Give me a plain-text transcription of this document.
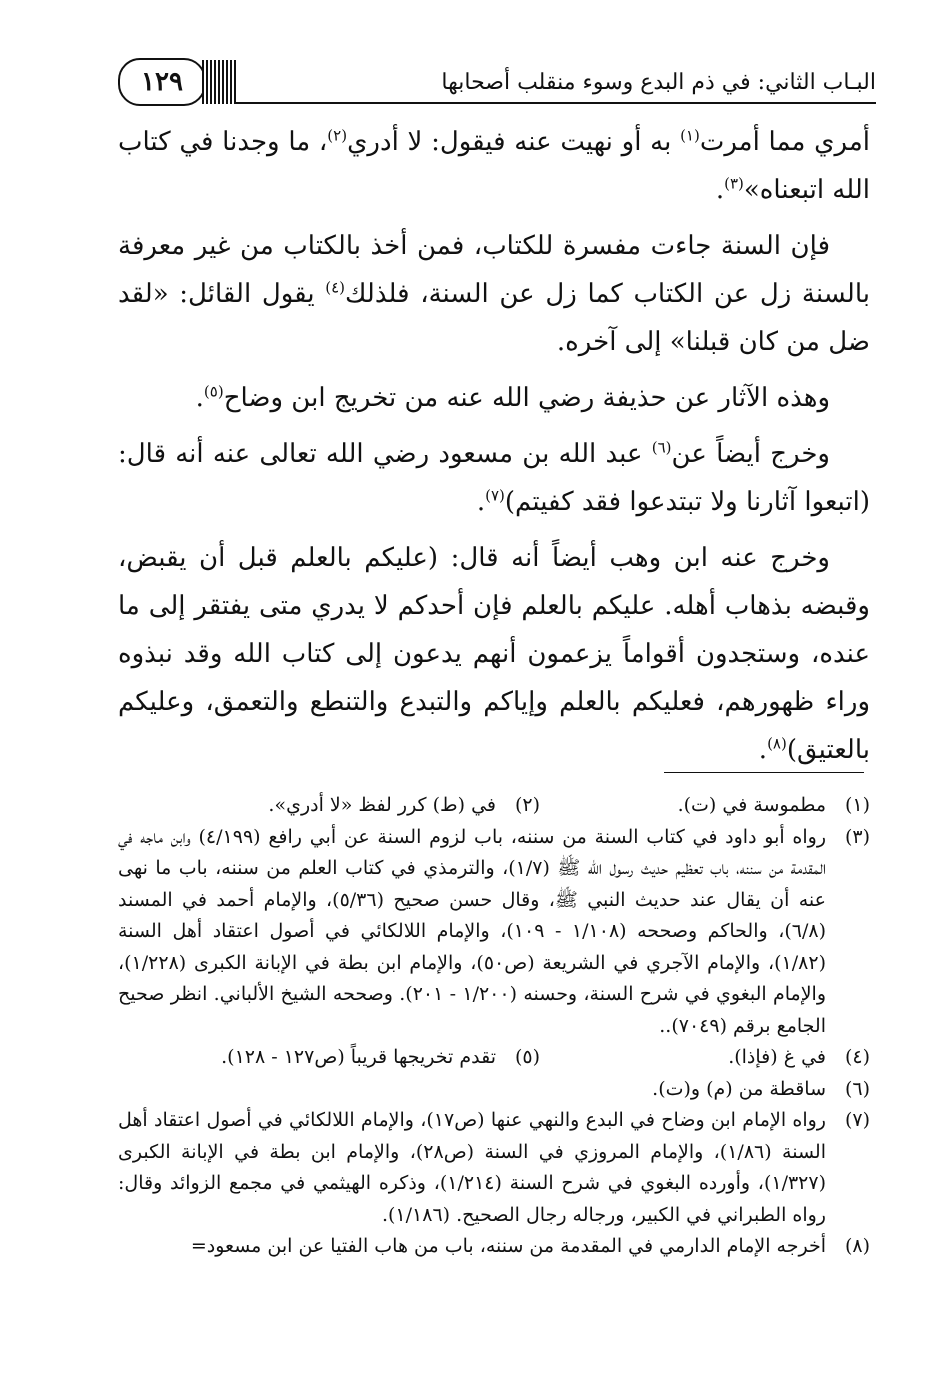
١٢٩	البـاب الثاني: في ذم البدع وسوء منقلب أصحابها

أمري مما أمرت$^{(١)}$ به أو نهيت عنه فيقول: لا أدري$^{(٢)}$، ما وجدنا في كتاب الله اتبعناه»$^{(٣)}$.

فإن السنة جاءت مفسرة للكتاب، فمن أخذ بالكتاب من غير معرفة بالسنة زل عن الكتاب كما زل عن السنة، فلذلك$^{(٤)}$ يقول القائل: «لقد ضل من كان قبلنا» إلى آخره.

وهذه الآثار عن حذيفة رضي الله عنه من تخريج ابن وضاح$^{(٥)}$.

وخرج أيضاً عن$^{(٦)}$ عبد الله بن مسعود رضي الله تعالى عنه أنه قال: (اتبعوا آثارنا ولا تبتدعوا فقد كفيتم)$^{(٧)}$.

وخرج عنه ابن وهب أيضاً أنه قال: (عليكم بالعلم قبل أن يقبض، وقبضه بذهاب أهله. عليكم بالعلم فإن أحدكم لا يدري متى يفتقر إلى ما عنده، وستجدون أقواماً يزعمون أنهم يدعون إلى كتاب الله وقد نبذوه وراء ظهورهم، فعليكم بالعلم وإياكم والتبدع والتنطع والتعمق، وعليكم بالعتيق)$^{(٨)}$.

(١)
مطموسة في (ت).
(٢)
في (ط) كرر لفظ «لا أدري».
(٣)
رواه أبو داود في كتاب السنة من سننه، باب لزوم السنة عن أبي رافع (٤/١٩٩) وابن ماجه في المقدمة من سننه، باب تعظيم حديث رسول الله ﷺ (١/٧)، والترمذي في كتاب العلم من سننه، باب ما نهى عنه أن يقال عند حديث النبي ﷺ، وقال حسن صحيح (٥/٣٦)، والإمام أحمد في المسند (٦/٨)، والحاكم وصححه (١/١٠٨ - ١٠٩)، والإمام اللالكائي في أصول اعتقاد أهل السنة (١/٨٢)، والإمام الآجري في الشريعة (ص٥٠)، والإمام ابن بطة في الإبانة الكبرى (١/٢٢٨)، والإمام البغوي في شرح السنة، وحسنه (١/٢٠٠ - ٢٠١). وصححه الشيخ الألباني. انظر صحيح الجامع برقم (٧٠٤٩)..
(٤)
في غ (فإذا).
(٥)
تقدم تخريجها قريباً (ص١٢٧ - ١٢٨).
(٦)
ساقطة من (م) و(ت).
(٧)
رواه الإمام ابن وضاح في البدع والنهي عنها (ص١٧)، والإمام اللالكائي في أصول اعتقاد أهل السنة (١/٨٦)، والإمام المروزي في السنة (ص٢٨)، والإمام ابن بطة في الإبانة الكبرى (١/٣٢٧)، وأورده البغوي في شرح السنة (١/٢١٤)، وذكره الهيثمي في مجمع الزوائد وقال: رواه الطبراني في الكبير، ورجاله رجال الصحيح. (١/١٨٦).
(٨)
أخرجه الإمام الدارمي في المقدمة من سننه، باب من هاب الفتيا عن ابن مسعود=
